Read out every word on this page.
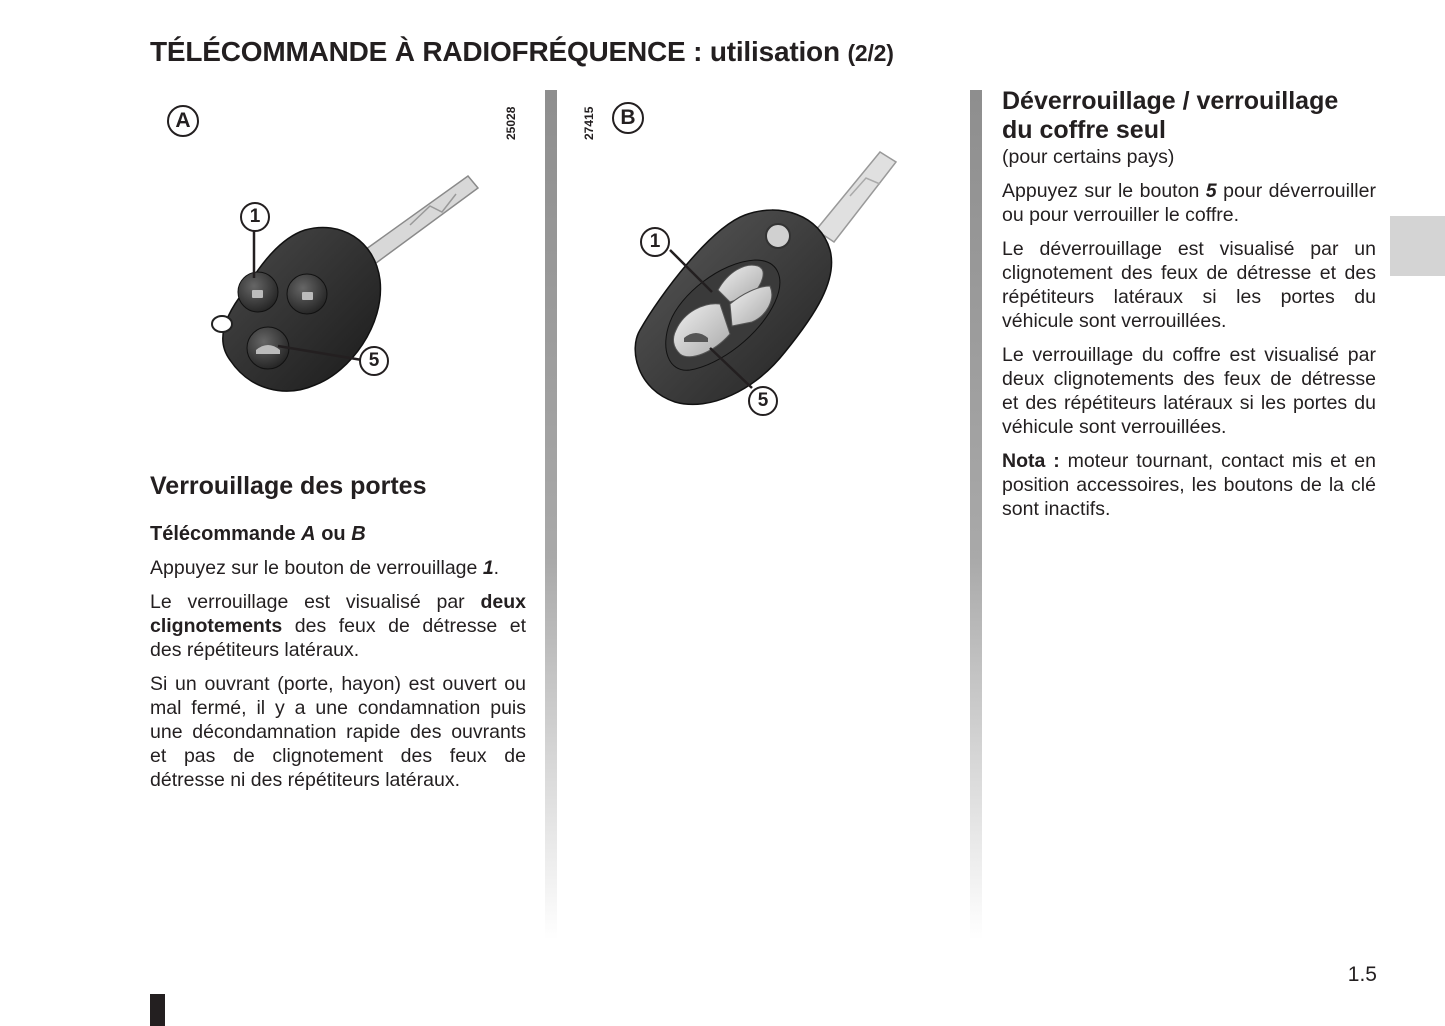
TÉLÉCOMMANDE À RADIOFRÉQUENCE : utilisation (2/2)
A	25028
1
5
27415	B
1
5
Verrouillage des portes
Télécommande A ou B

Appuyez sur le bouton de verrouillage 1.

Le verrouillage est visualisé par deux clignotements des feux de détresse et des répétiteurs latéraux.

Si un ouvrant (porte, hayon) est ouvert ou mal fermé, il y a une condamnation puis une décondamnation rapide des ouvrants et pas de clignotement des feux de détresse ni des répétiteurs latéraux.

Déverrouillage / verrouillage
du coffre seul
(pour certains pays)

Appuyez sur le bouton 5 pour déverrouiller ou pour verrouiller le coffre.

Le déverrouillage est visualisé par un clignotement des feux de détresse et des répétiteurs latéraux si les portes du véhicule sont verrouillées.

Le verrouillage du coffre est visualisé par deux clignotements des feux de détresse et des répétiteurs latéraux si les portes du véhicule sont verrouillées.

Nota : moteur tournant, contact mis et en position accessoires, les boutons de la clé sont inactifs.

1.5
